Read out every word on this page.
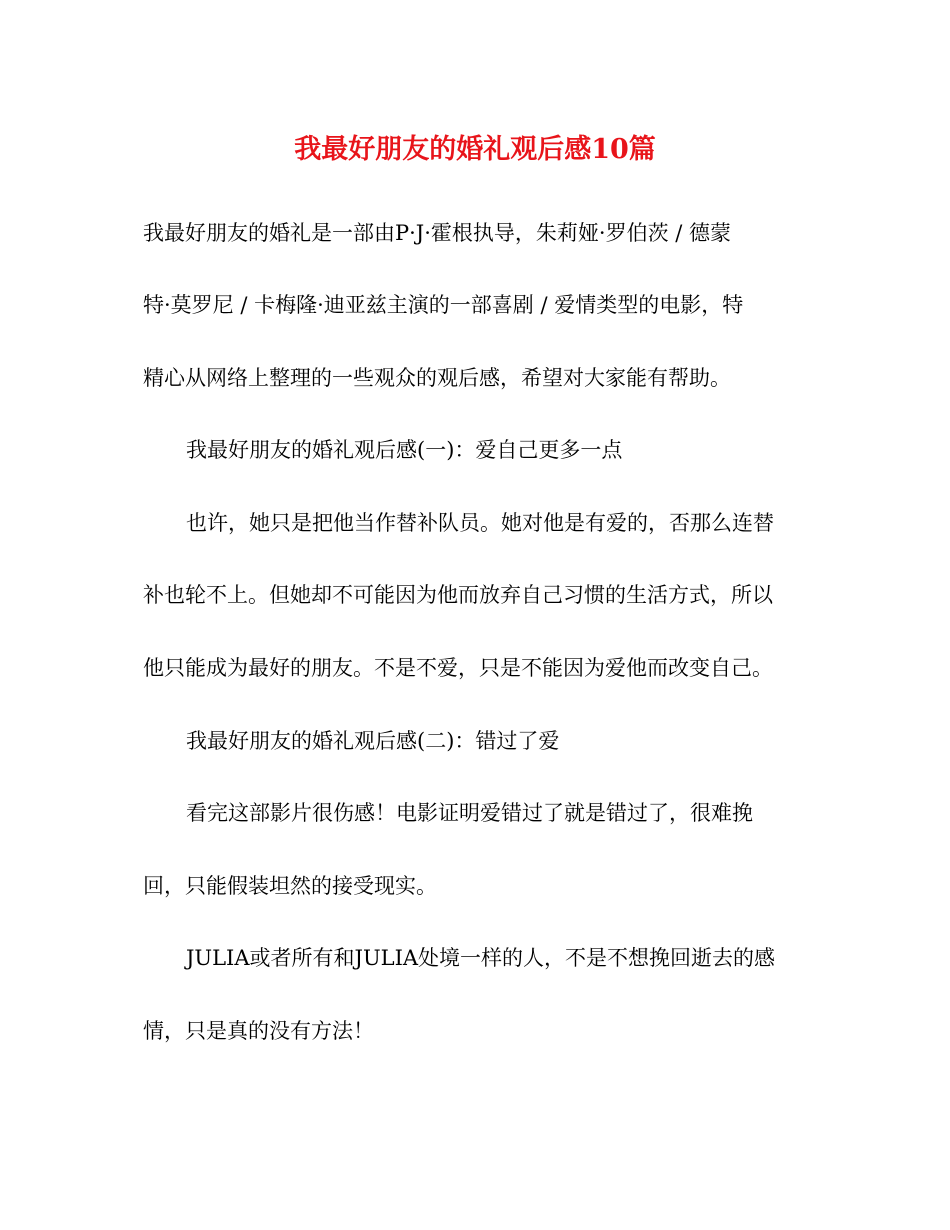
我最好朋友的婚礼观后感10篇
我最好朋友的婚礼是一部由P·J·霍根执导，朱莉娅·罗伯茨 / 德蒙
特·莫罗尼 / 卡梅隆·迪亚兹主演的一部喜剧 / 爱情类型的电影，特
精心从网络上整理的一些观众的观后感，希望对大家能有帮助。
我最好朋友的婚礼观后感(一)：爱自己更多一点
也许，她只是把他当作替补队员。她对他是有爱的，否那么连替
补也轮不上。但她却不可能因为他而放弃自己习惯的生活方式，所以
他只能成为最好的朋友。不是不爱，只是不能因为爱他而改变自己。
我最好朋友的婚礼观后感(二)：错过了爱
看完这部影片很伤感！电影证明爱错过了就是错过了，很难挽
回，只能假装坦然的接受现实。
JULIA或者所有和JULIA处境一样的人，不是不想挽回逝去的感
情，只是真的没有方法！
